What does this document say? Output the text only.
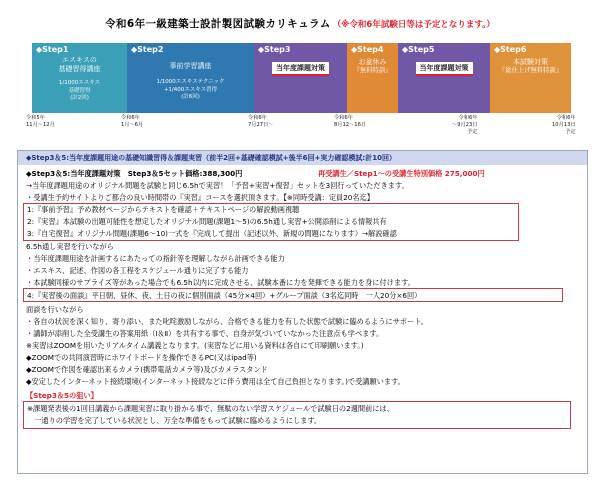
令和6年一級建築士設計製図試験カリキュラム （※令和6年試験日等は予定となります。）
◆Step1
エスキスの
基礎習得講座
1/1000エスキス
基礎習得
(計2回)
◆Step2
事前学習講座
1/1000エスキステクニック
+1/400エスキス習得
(計6回)
◆Step3
当年度課題対策
◆Step4
お盆休み
『無料特訓』
◆Step5
当年度課題対策
◆Step6
本試験対策
『総仕上げ無料特訓』
令和5年
11月～12月
令和6年
1月～6月
令和6年
7月27日～
令和6年
8月12～16日
令和6年
～9月23日
予定
令和6年
10月13日
予定
◆Step3＆5:当年度課題用途の基礎知識習得＆課題実習（前半2回+基礎確認模試+後半6回+実力確認模試:計10回）
◆Step3＆5:当年度課題対策　Step3＆5セット価格:388,300円	再受講生／Step1～の受講生特別価格 275,000円
→当年度課題用途のオリジナル問題を試験と同じ6.5hで実習！「予習+実習+復習」セットを3回行っていただきます。
・受講生予約サイトよりご都合の良い時間帯の『実習』コースを選択頂きます。【※同時受講：定員20名迄】
1:『事前予習』予め教材ページからテキストを確認＋テキストページの解説動画視聴
2:『実習』本試験の出題可能性を想定したオリジナル問題(課題1～5)の6.5h通し実習+公開添削による情報共有
3:『自宅復習』オリジナル問題(課題6～10)一式を『完成して提出（記述以外、新規の問題になります）→解説確認
6.5h通し実習を行いながら
・当年度課題用途を計画するにあたっての指針等を理解しながら計画できる能力
・エスキス、記述、作図の各工程をスケジュール通りに完了する能力
・本試験同様のサプライズ等があった場合でも6.5h以内に完成させる、試験本番に力を発揮できる能力を身に付けます。
4:『実習後の面談』平日朝、昼休、夜、土日の夜に個別面談（45分×4回）+グループ面談（3名迄同時　一人20分×6回）
面談を行いながら
・各自の状況を深く知り、寄り添い、また叱咤激励しながら、合格できる能力を有した状態で試験に臨めるようにサポート。
・講師が添削した全受講生の答案用紙（Ⅰ＆Ⅱ）を共有する事で、自身が気づいていなかった注意点も学べます。
※実習はZOOMを用いたリアルタイム講義となります。(実習などに用いる資料は各自にて印刷願います。)
◆ZOOMでの共同演習時にホワイトボードを操作できるPC(又はipad等)
◆ZOOMで作図を確認出来るカメラ(携帯電話カメラ等)及びカメラスタンド
◆安定したインターネット接続環境(インターネット接続などに伴う費用は全て自己負担となります。)で受講願います。
【Step3＆5の狙い】
※課題発表後の1回目講義から課題実習に取り掛かる事で、無駄のない学習スケジュールで試験日の2週間前には、
　一通りの学習を完了している状況とし、万全な準備をもって試験に臨めるようにします。
